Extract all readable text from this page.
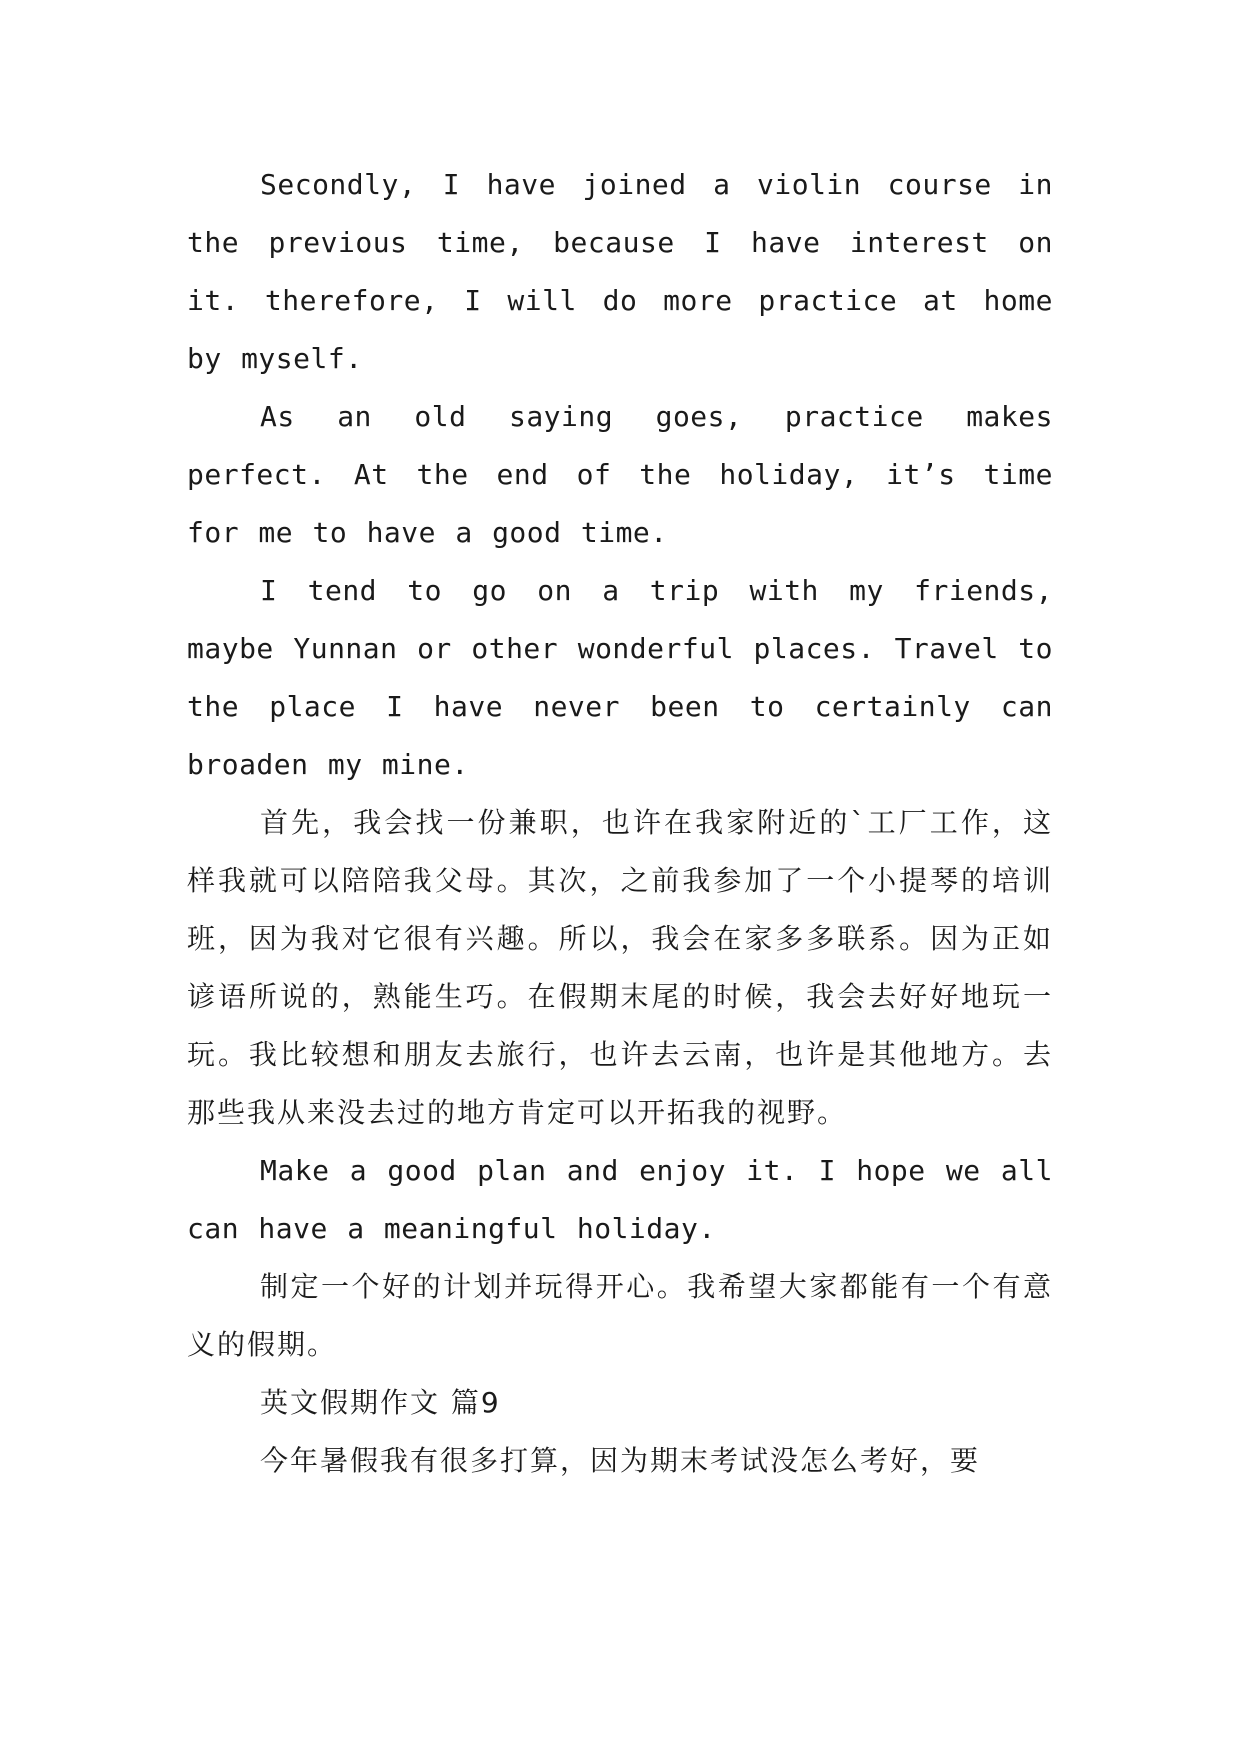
Secondly, I have joined a violin course in the previous time, because I have interest on it. therefore, I will do more practice at home by myself.

As an old saying goes, practice makes perfect. At the end of the holiday, it’s time for me to have a good time.

I tend to go on a trip with my friends, maybe Yunnan or other wonderful places. Travel to the place I have never been to certainly can broaden my mine.

首先，我会找一份兼职，也许在我家附近的`工厂工作，这样我就可以陪陪我父母。其次，之前我参加了一个小提琴的培训班，因为我对它很有兴趣。所以，我会在家多多联系。因为正如谚语所说的，熟能生巧。在假期末尾的时候，我会去好好地玩一玩。我比较想和朋友去旅行，也许去云南，也许是其他地方。去那些我从来没去过的地方肯定可以开拓我的视野。

Make a good plan and enjoy it. I hope we all can have a meaningful holiday.

制定一个好的计划并玩得开心。我希望大家都能有一个有意义的假期。

英文假期作文 篇9

今年暑假我有很多打算，因为期末考试没怎么考好，要
